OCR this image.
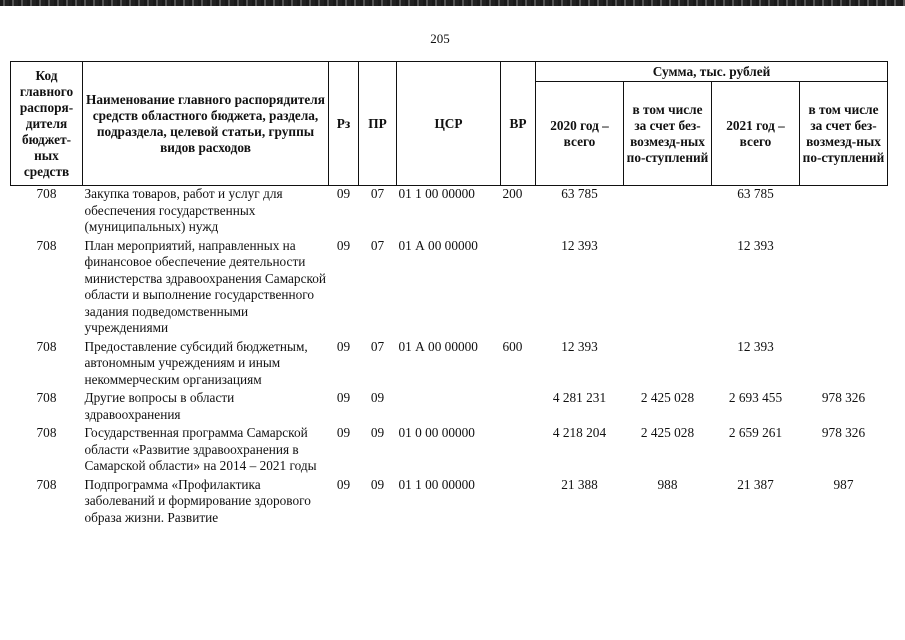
205
Код главного распоря-дителя бюджет-ных средств	Наименование главного распорядителя средств областного бюджета, раздела, подраздела, целевой статьи, группы видов расходов	Рз	ПР	ЦСР	ВР	Сумма, тыс. рублей			
						2020 год – всего	в том числе за счет без-возмезд-ных по-ступлений	2021 год – всего	в том числе за счет без-возмезд-ных по-ступлений
708	Закупка товаров, работ и услуг для обеспечения государственных (муниципальных) нужд	09	07	01 1 00 00000	200	63 785		63 785	
708	План мероприятий, направленных на финансовое обеспечение деятельности министерства здравоохранения Самарской области и выполнение государственного задания подведомственными учреждениями	09	07	01 А 00 00000		12 393		12 393	
708	Предоставление субсидий бюджетным, автономным учреждениям и иным некоммерческим организациям	09	07	01 А 00 00000	600	12 393		12 393	
708	Другие вопросы в области здравоохранения	09	09			4 281 231	2 425 028	2 693 455	978 326
708	Государственная программа Самарской области «Развитие здравоохранения в Самарской области» на 2014 – 2021 годы	09	09	01 0 00 00000		4 218 204	2 425 028	2 659 261	978 326
708	Подпрограмма «Профилактика заболеваний и формирование здорового образа жизни. Развитие	09	09	01 1 00 00000		21 388	988	21 387	987
